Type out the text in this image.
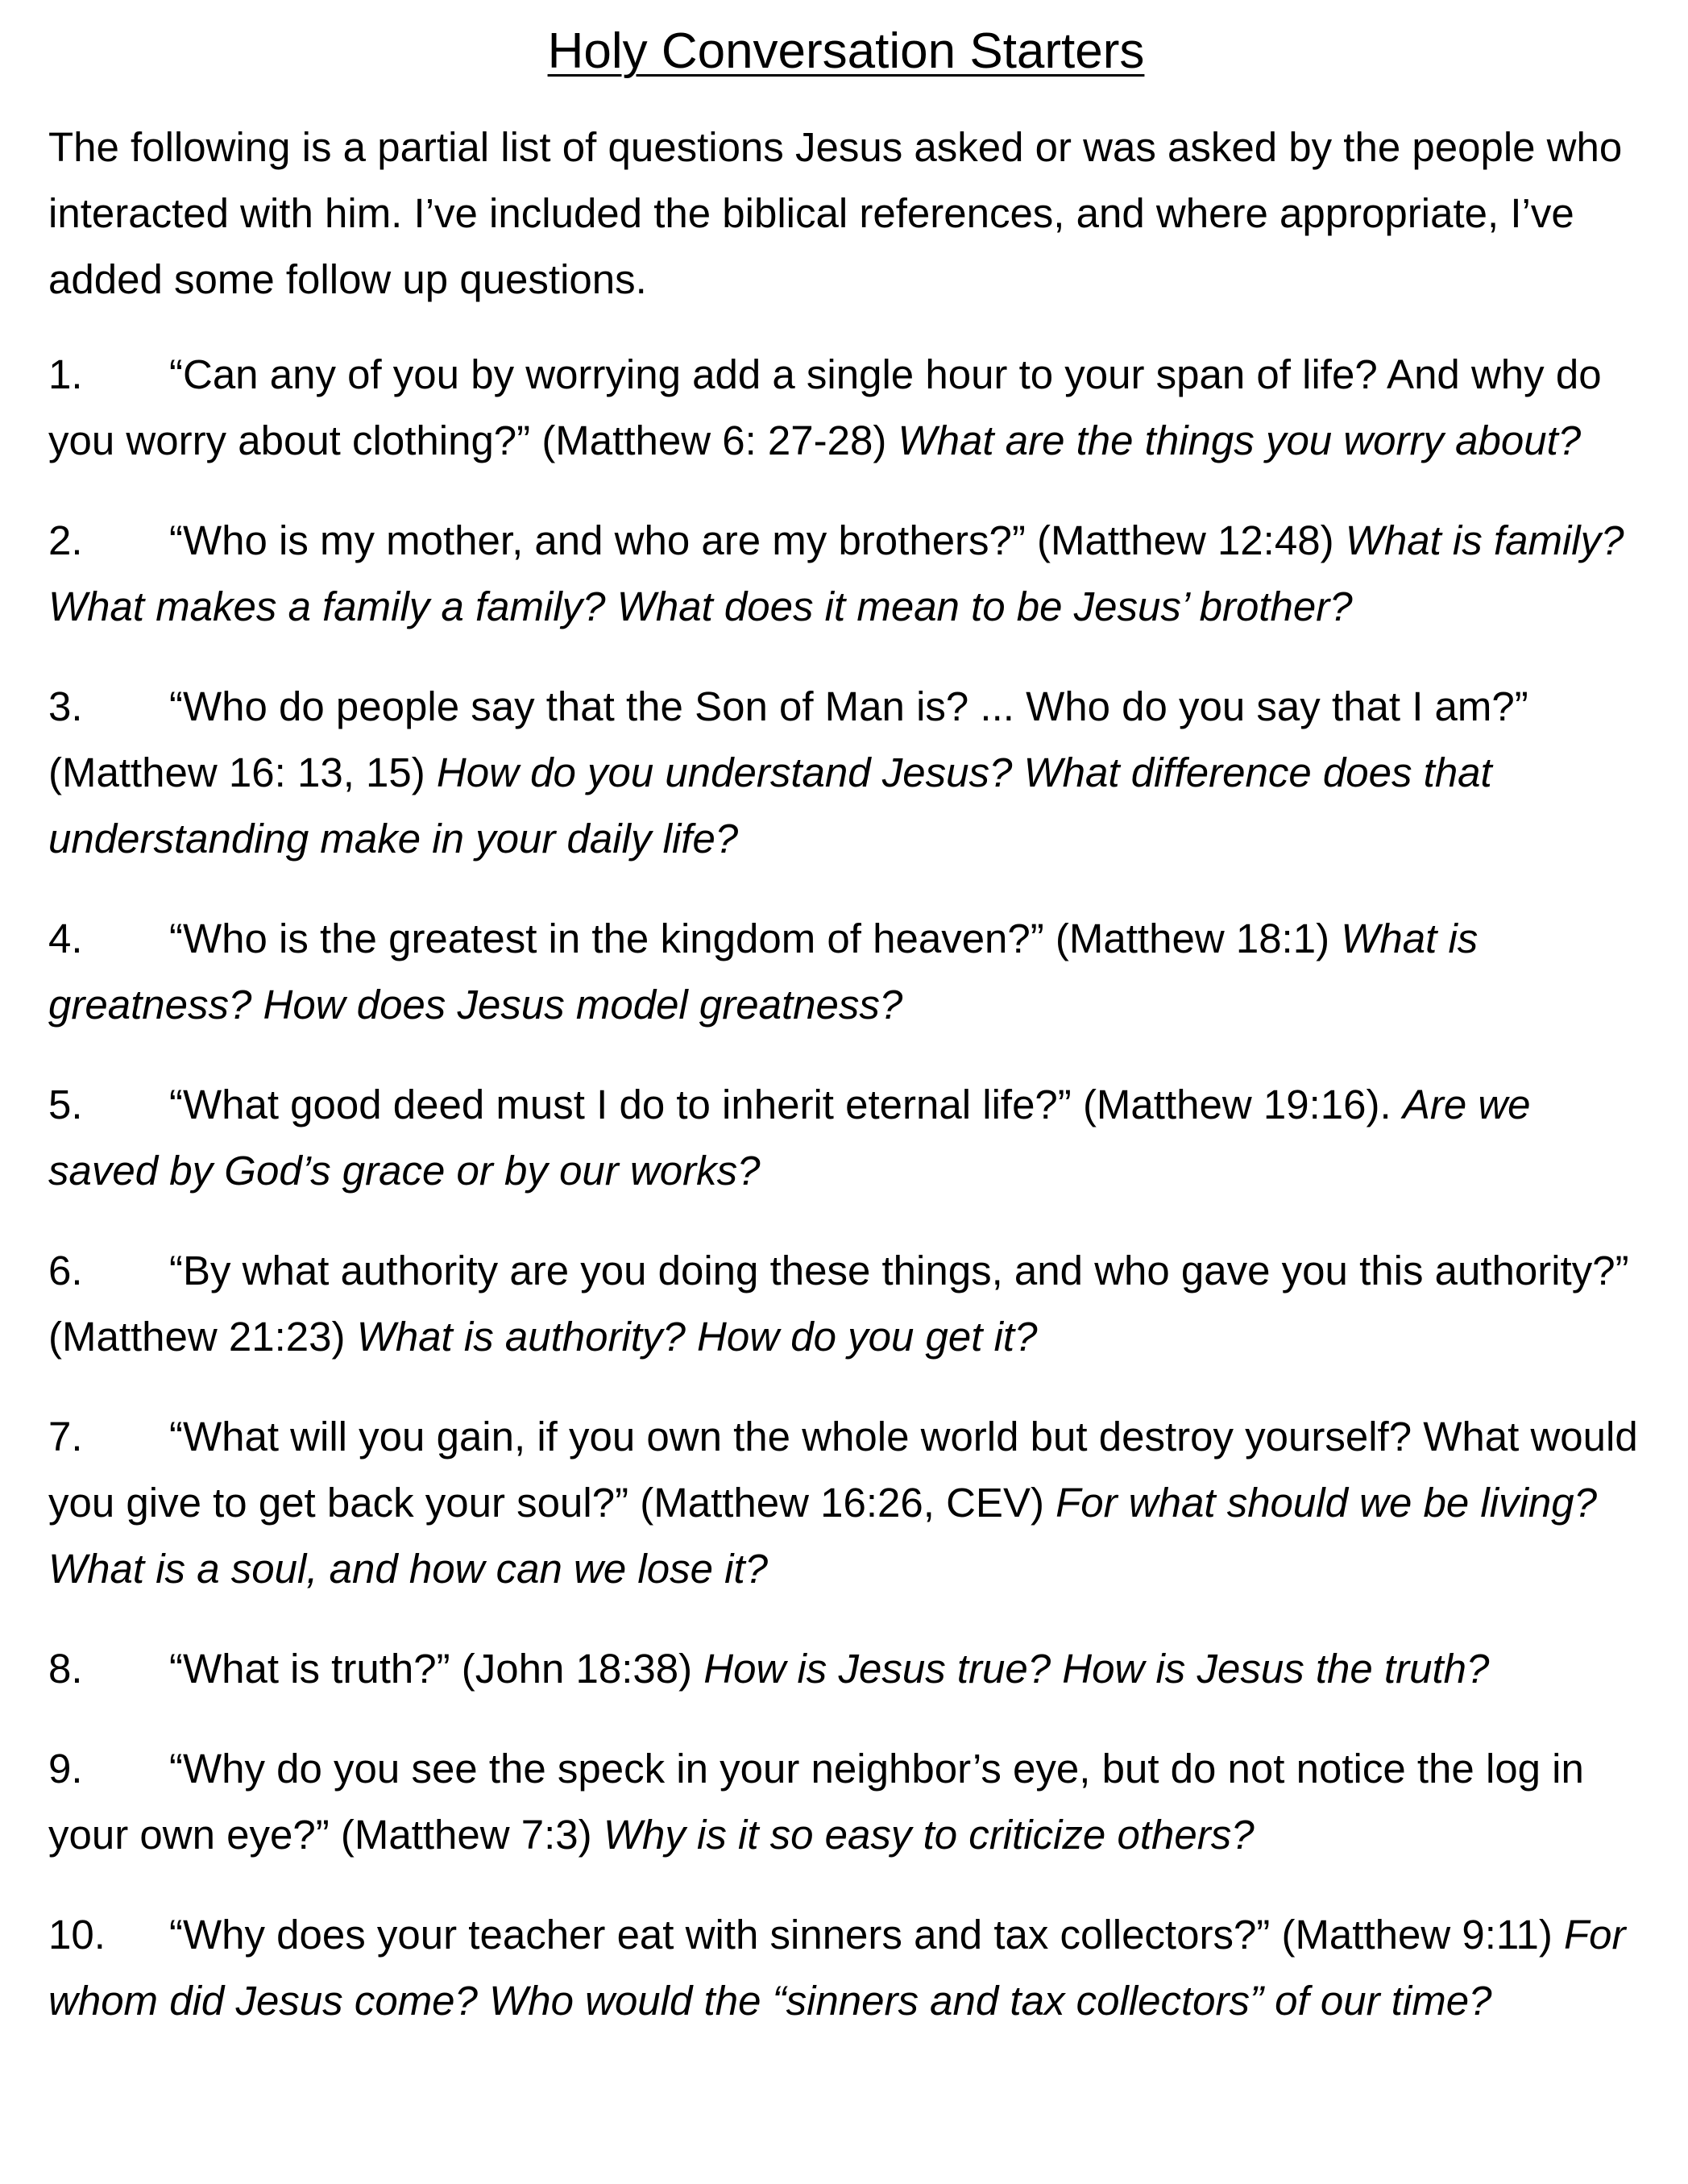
Holy Conversation Starters

The following is a partial list of questions Jesus asked or was asked by the people who interacted with him. I’ve included the biblical references, and where appropriate, I’ve added some follow up questions.

1. “Can any of you by worrying add a single hour to your span of life? And why do you worry about clothing?” (Matthew 6: 27-28) What are the things you worry about?

2. “Who is my mother, and who are my brothers?” (Matthew 12:48) What is family? What makes a family a family? What does it mean to be Jesus’ brother?

3. “Who do people say that the Son of Man is? ... Who do you say that I am?” (Matthew 16: 13, 15) How do you understand Jesus? What difference does that understanding make in your daily life?

4. “Who is the greatest in the kingdom of heaven?” (Matthew 18:1) What is greatness? How does Jesus model greatness?

5. “What good deed must I do to inherit eternal life?” (Matthew 19:16). Are we saved by God’s grace or by our works?

6. “By what authority are you doing these things, and who gave you this authority?” (Matthew 21:23) What is authority? How do you get it?

7. “What will you gain, if you own the whole world but destroy yourself? What would you give to get back your soul?” (Matthew 16:26, CEV) For what should we be living? What is a soul, and how can we lose it?

8. “What is truth?” (John 18:38) How is Jesus true? How is Jesus the truth?

9. “Why do you see the speck in your neighbor’s eye, but do not notice the log in your own eye?” (Matthew 7:3) Why is it so easy to criticize others?

10. “Why does your teacher eat with sinners and tax collectors?” (Matthew 9:11) For whom did Jesus come? Who would the “sinners and tax collectors” of our time?
